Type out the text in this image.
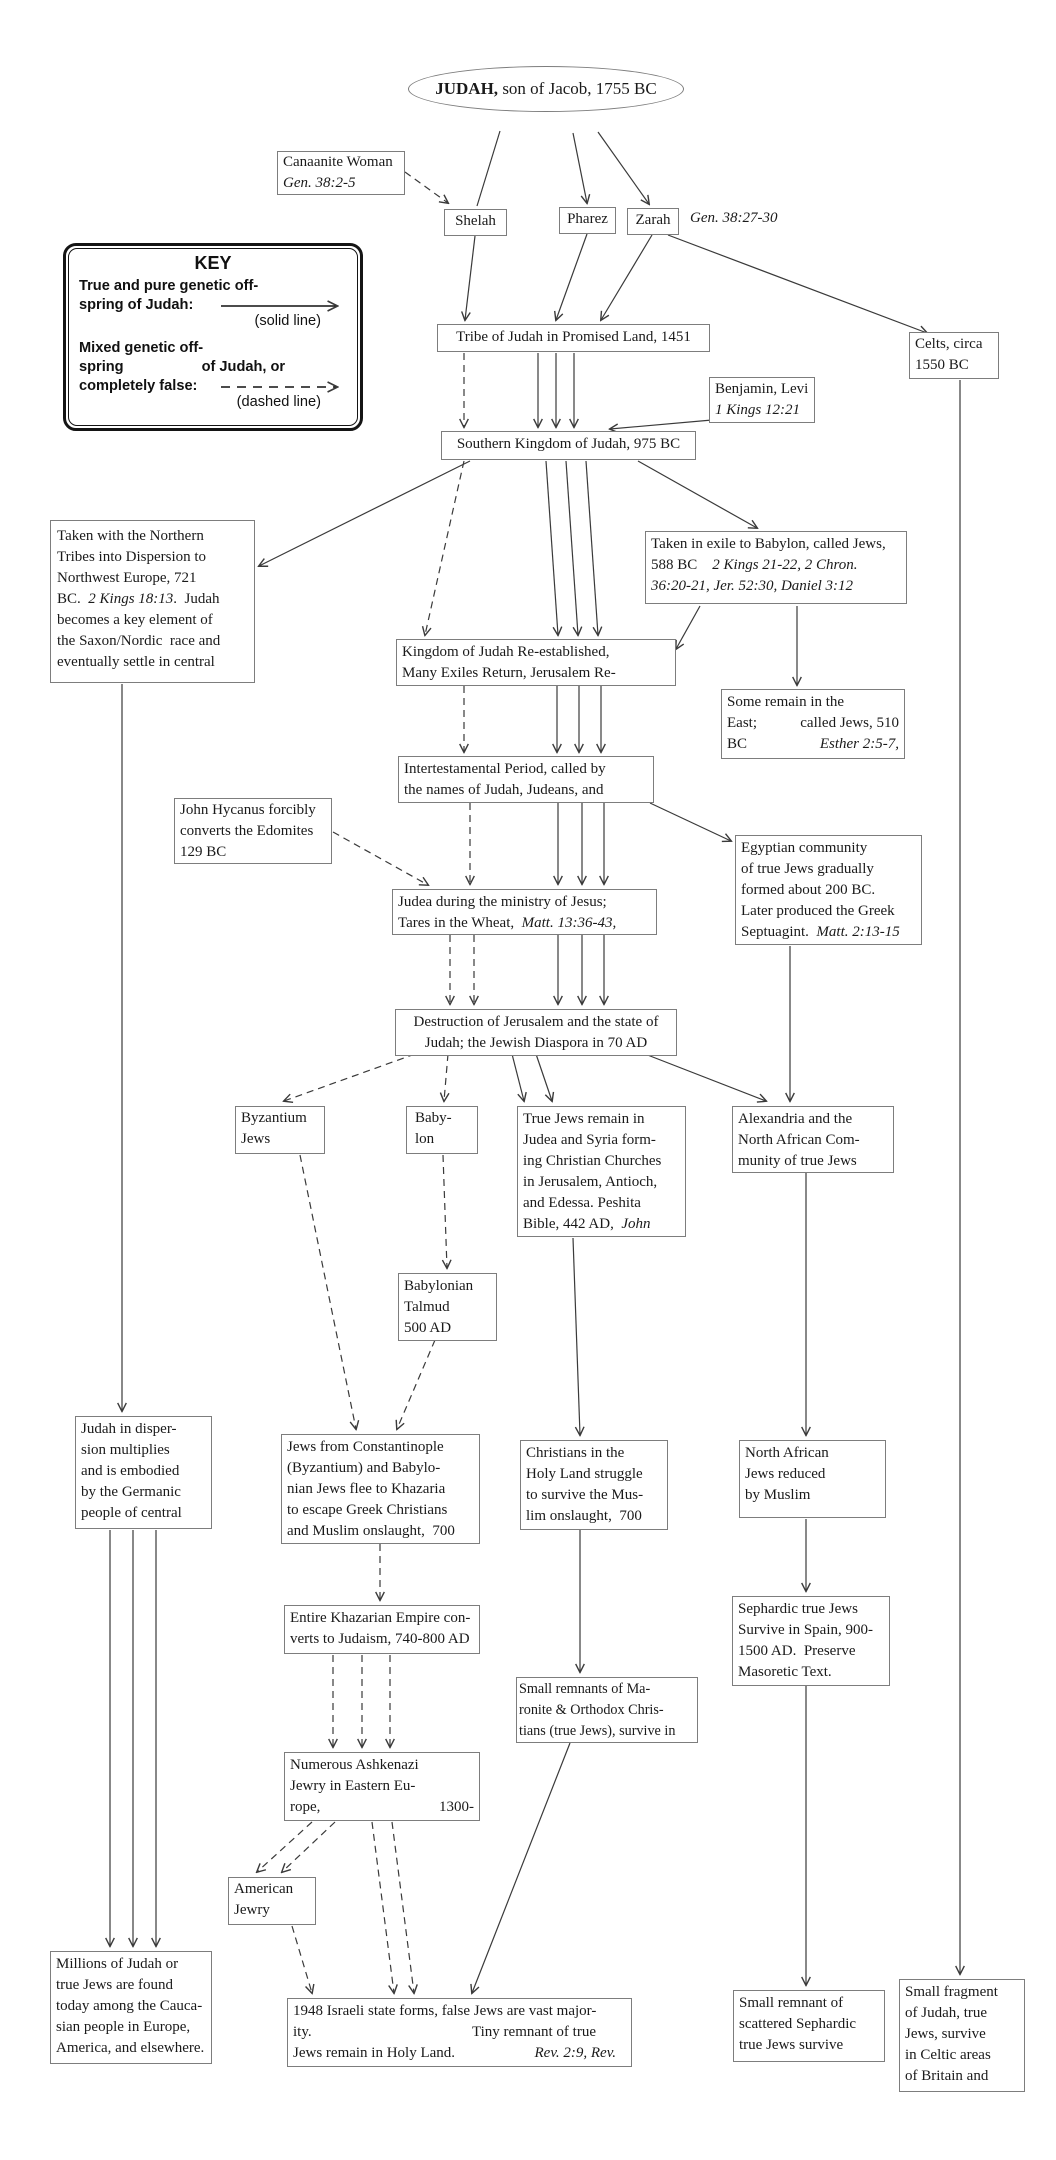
JUDAH, son of Jacob, 1755 BC
Canaanite Woman
Gen. 38:2-5
Shelah	Pharez	Zarah	Gen. 38:27-30
KEY
True and pure genetic off-
spring of Judah:
(solid line)
Mixed genetic off-
spring	of Judah, or
completely false:
(dashed line)
Tribe of Judah in Promised Land, 1451
Benjamin, Levi
1 Kings 12:21
Southern Kingdom of Judah, 975 BC
Celts, circa
1550 BC
Taken with the Northern
Tribes into Dispersion to
Northwest Europe, 721
BC.  2 Kings 18:13.  Judah
becomes a key element of
the Saxon/Nordic  race and
eventually settle in central
Taken in exile to Babylon, called Jews,
588 BC    2 Kings 21-22, 2 Chron.
36:20-21, Jer. 52:30, Daniel 3:12
Kingdom of Judah Re-established,
Many Exiles Return, Jerusalem Re-
Some remain in the
East;	called Jews, 510
BC	Esther 2:5-7,
Intertestamental Period, called by
the names of Judah, Judeans, and
John Hycanus forcibly
converts the Edomites
129 BC	Egyptian community
of true Jews gradually
formed about 200 BC.
Later produced the Greek
Septuagint.  Matt. 2:13-15
Judea during the ministry of Jesus;
Tares in the Wheat,  Matt. 13:36-43,
Destruction of Jerusalem and the state of
Judah; the Jewish Diaspora in 70 AD
Byzantium
Jews
Baby-
lon
True Jews remain in
Judea and Syria form-
ing Christian Churches
in Jerusalem, Antioch,
and Edessa. Peshita
Bible, 442 AD,  John
Alexandria and the
North African Com-
munity of true Jews
Babylonian
Talmud
500 AD
Judah in disper-
sion multiplies
and is embodied
by the Germanic
people of central
Jews from Constantinople
(Byzantium) and Babylo-
nian Jews flee to Khazaria
to escape Greek Christians
and Muslim onslaught,  700
Christians in the
Holy Land struggle
to survive the Mus-
lim onslaught,  700
North African
Jews reduced
by Muslim
Entire Khazarian Empire con-
verts to Judaism, 740-800 AD
Sephardic true Jews
Survive in Spain, 900-
1500 AD.  Preserve
Masoretic Text.
Numerous Ashkenazi
Jewry in Eastern Eu-
rope,	1300-
Small remnants of Ma-
ronite & Orthodox Chris-
tians (true Jews), survive in
American
Jewry
Millions of Judah or
true Jews are found
today among the Cauca-
sian people in Europe,
America, and elsewhere.
1948 Israeli state forms, false Jews are vast major-
ity.	Tiny remnant of true
Jews remain in Holy Land.	Rev. 2:9, Rev.
Small remnant of
scattered Sephardic
true Jews survive
Small fragment
of Judah, true
Jews, survive
in Celtic areas
of Britain and
